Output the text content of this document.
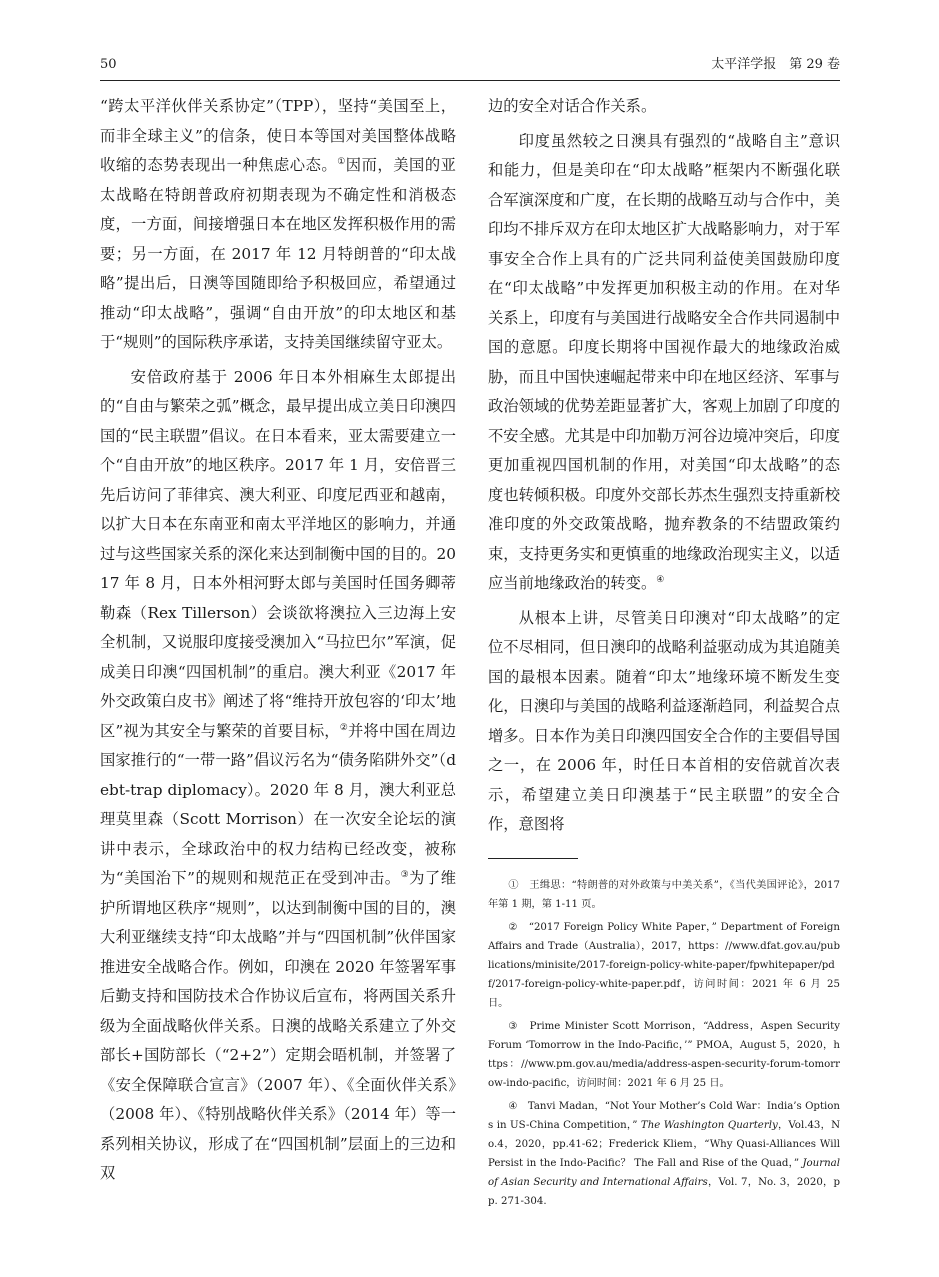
50	太平洋学报　第 29 卷

“跨太平洋伙伴关系协定”（TPP），坚持“美国至上，而非全球主义”的信条，使日本等国对美国整体战略收缩的态势表现出一种焦虑心态。①因而，美国的亚太战略在特朗普政府初期表现为不确定性和消极态度，一方面，间接增强日本在地区发挥积极作用的需要；另一方面，在 2017 年 12 月特朗普的“印太战略”提出后，日澳等国随即给予积极回应，希望通过推动“印太战略”，强调“自由开放”的印太地区和基于“规则”的国际秩序承诺，支持美国继续留守亚太。

安倍政府基于 2006 年日本外相麻生太郎提出的“自由与繁荣之弧”概念，最早提出成立美日印澳四国的“民主联盟”倡议。在日本看来，亚太需要建立一个“自由开放”的地区秩序。2017 年 1 月，安倍晋三先后访问了菲律宾、澳大利亚、印度尼西亚和越南，以扩大日本在东南亚和南太平洋地区的影响力，并通过与这些国家关系的深化来达到制衡中国的目的。2017 年 8 月，日本外相河野太郎与美国时任国务卿蒂勒森（Rex Tillerson）会谈欲将澳拉入三边海上安全机制，又说服印度接受澳加入“马拉巴尔”军演，促成美日印澳“四国机制”的重启。澳大利亚《2017 年外交政策白皮书》阐述了将“维持开放包容的‘印太’地区”视为其安全与繁荣的首要目标，②并将中国在周边国家推行的“一带一路”倡议污名为“债务陷阱外交”（debt-trap diplomacy）。2020 年 8 月，澳大利亚总理莫里森（Scott Morrison）在一次安全论坛的演讲中表示，全球政治中的权力结构已经改变，被称为“美国治下”的规则和规范正在受到冲击。③为了维护所谓地区秩序“规则”，以达到制衡中国的目的，澳大利亚继续支持“印太战略”并与“四国机制”伙伴国家推进安全战略合作。例如，印澳在 2020 年签署军事后勤支持和国防技术合作协议后宣布，将两国关系升级为全面战略伙伴关系。日澳的战略关系建立了外交部长+国防部长（“2+2”）定期会晤机制，并签署了《安全保障联合宣言》（2007 年）、《全面伙伴关系》（2008 年）、《特别战略伙伴关系》（2014 年）等一系列相关协议，形成了在“四国机制”层面上的三边和双

边的安全对话合作关系。

印度虽然较之日澳具有强烈的“战略自主”意识和能力，但是美印在“印太战略”框架内不断强化联合军演深度和广度，在长期的战略互动与合作中，美印均不排斥双方在印太地区扩大战略影响力，对于军事安全合作上具有的广泛共同利益使美国鼓励印度在“印太战略”中发挥更加积极主动的作用。在对华关系上，印度有与美国进行战略安全合作共同遏制中国的意愿。印度长期将中国视作最大的地缘政治威胁，而且中国快速崛起带来中印在地区经济、军事与政治领域的优势差距显著扩大，客观上加剧了印度的不安全感。尤其是中印加勒万河谷边境冲突后，印度更加重视四国机制的作用，对美国“印太战略”的态度也转倾积极。印度外交部长苏杰生强烈支持重新校准印度的外交政策战略，抛弃教条的不结盟政策约束，支持更务实和更慎重的地缘政治现实主义，以适应当前地缘政治的转变。④

从根本上讲，尽管美日印澳对“印太战略”的定位不尽相同，但日澳印的战略利益驱动成为其追随美国的最根本因素。随着“印太”地缘环境不断发生变化，日澳印与美国的战略利益逐渐趋同，利益契合点增多。日本作为美日印澳四国安全合作的主要倡导国之一，在 2006 年，时任日本首相的安倍就首次表示，希望建立美日印澳基于“民主联盟”的安全合作，意图将

①　 王缉思：“特朗普的对外政策与中美关系”，《当代美国评论》，2017 年第 1 期，第 1-11 页。

②　 “2017 Foreign Policy White Paper，” Department of Foreign Affairs and Trade（Australia），2017，https：//www.dfat.gov.au/publications/minisite/2017-foreign-policy-white-paper/fpwhitepaper/pdf/2017-foreign-policy-white-paper.pdf，访问时间：2021 年 6 月 25 日。

③　 Prime Minister Scott Morrison，“Address，Aspen Security Forum ‘Tomorrow in the Indo-Pacific，’” PMOA，August 5，2020，https：//www.pm.gov.au/media/address-aspen-security-forum-tomorrow-indo-pacific，访问时间：2021 年 6 月 25 日。

④　 Tanvi Madan，“Not Your Mother’s Cold War：India’s Options in US-China Competition，” The Washington Quarterly，Vol.43，No.4，2020，pp.41-62；Frederick Kliem，“Why Quasi-Alliances Will Persist in the Indo-Pacific？ The Fall and Rise of the Quad，” Journal of Asian Security and International Affairs，Vol. 7，No. 3，2020，pp. 271-304.
